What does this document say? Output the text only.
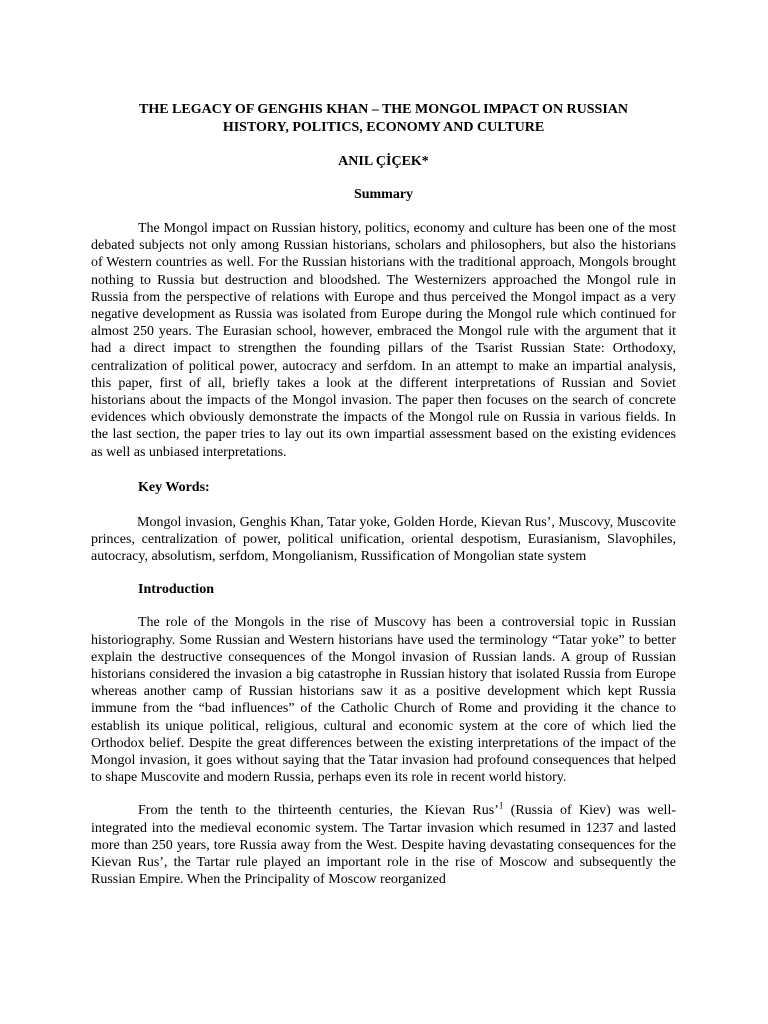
THE LEGACY OF GENGHIS KHAN – THE MONGOL IMPACT ON RUSSIAN
HISTORY, POLITICS, ECONOMY AND CULTURE
ANIL ÇİÇEK*
Summary

The Mongol impact on Russian history, politics, economy and culture has been one of the most debated subjects not only among Russian historians, scholars and philosophers, but also the historians of Western countries as well. For the Russian historians with the traditional approach, Mongols brought nothing to Russia but destruction and bloodshed. The Westernizers approached the Mongol rule in Russia from the perspective of relations with Europe and thus perceived the Mongol impact as a very negative development as Russia was isolated from Europe during the Mongol rule which continued for almost 250 years. The Eurasian school, however, embraced the Mongol rule with the argument that it had a direct impact to strengthen the founding pillars of the Tsarist Russian State: Orthodoxy, centralization of political power, autocracy and serfdom. In an attempt to make an impartial analysis, this paper, first of all, briefly takes a look at the different interpretations of Russian and Soviet historians about the impacts of the Mongol invasion. The paper then focuses on the search of concrete evidences which obviously demonstrate the impacts of the Mongol rule on Russia in various fields. In the last section, the paper tries to lay out its own impartial assessment based on the existing evidences as well as unbiased interpretations.

Key Words:

Mongol invasion, Genghis Khan, Tatar yoke, Golden Horde, Kievan Rus’, Muscovy, Muscovite princes, centralization of power, political unification, oriental despotism, Eurasianism, Slavophiles, autocracy, absolutism, serfdom, Mongolianism, Russification of Mongolian state system

Introduction

The role of the Mongols in the rise of Muscovy has been a controversial topic in Russian historiography. Some Russian and Western historians have used the terminology “Tatar yoke” to better explain the destructive consequences of the Mongol invasion of Russian lands. A group of Russian historians considered the invasion a big catastrophe in Russian history that isolated Russia from Europe whereas another camp of Russian historians saw it as a positive development which kept Russia immune from the “bad influences” of the Catholic Church of Rome and providing it the chance to establish its unique political, religious, cultural and economic system at the core of which lied the Orthodox belief. Despite the great differences between the existing interpretations of the impact of the Mongol invasion, it goes without saying that the Tatar invasion had profound consequences that helped to shape Muscovite and modern Russia, perhaps even its role in recent world history.

From the tenth to the thirteenth centuries, the Kievan Rus’$^1$ (Russia of Kiev) was well-integrated into the medieval economic system. The Tartar invasion which resumed in 1237 and lasted more than 250 years, tore Russia away from the West. Despite having devastating consequences for the Kievan Rus’, the Tartar rule played an important role in the rise of Moscow and subsequently the Russian Empire. When the Principality of Moscow reorganized
